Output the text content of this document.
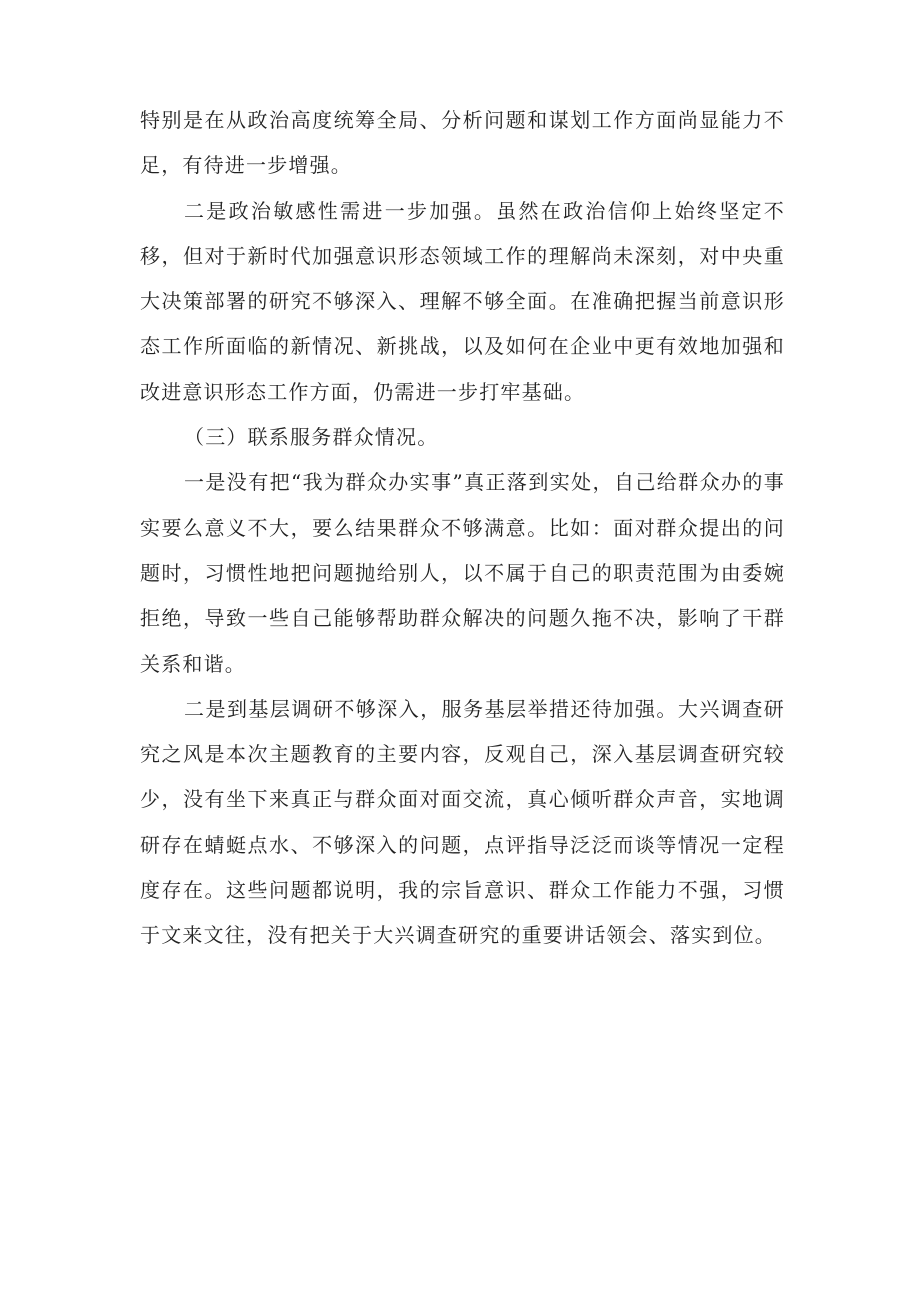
特别是在从政治高度统筹全局、分析问题和谋划工作方面尚显能力不足，有待进一步增强。

二是政治敏感性需进一步加强。虽然在政治信仰上始终坚定不移，但对于新时代加强意识形态领域工作的理解尚未深刻，对中央重大决策部署的研究不够深入、理解不够全面。在准确把握当前意识形态工作所面临的新情况、新挑战，以及如何在企业中更有效地加强和改进意识形态工作方面，仍需进一步打牢基础。

（三）联系服务群众情况。

一是没有把“我为群众办实事”真正落到实处，自己给群众办的事实要么意义不大，要么结果群众不够满意。比如：面对群众提出的问题时，习惯性地把问题抛给别人，以不属于自己的职责范围为由委婉拒绝，导致一些自己能够帮助群众解决的问题久拖不决，影响了干群关系和谐。

二是到基层调研不够深入，服务基层举措还待加强。大兴调查研究之风是本次主题教育的主要内容，反观自己，深入基层调查研究较少，没有坐下来真正与群众面对面交流，真心倾听群众声音，实地调研存在蜻蜓点水、不够深入的问题，点评指导泛泛而谈等情况一定程度存在。这些问题都说明，我的宗旨意识、群众工作能力不强，习惯于文来文往，没有把关于大兴调查研究的重要讲话领会、落实到位。
